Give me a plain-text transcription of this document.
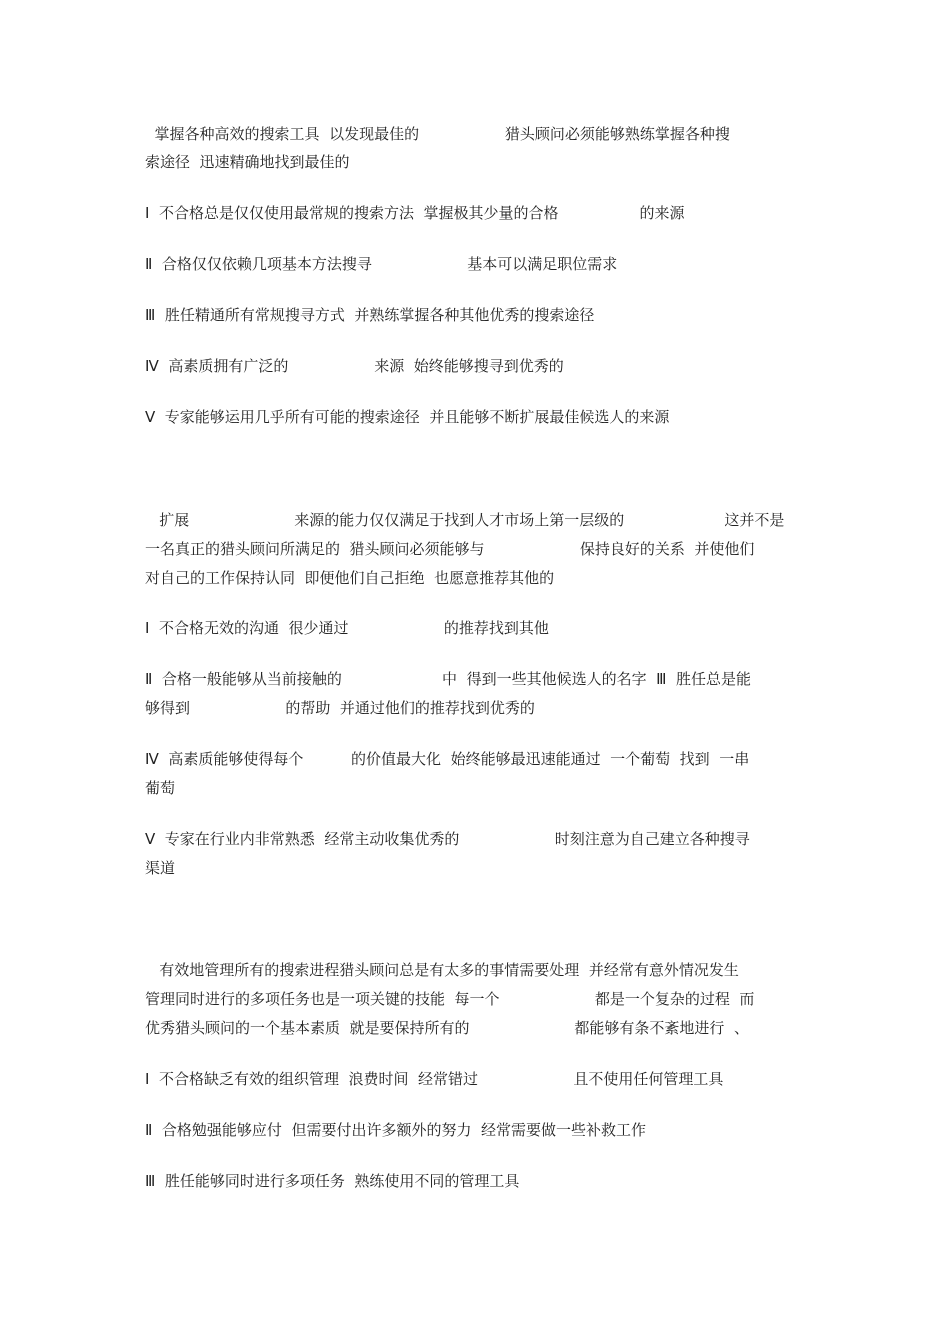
掌握各种高效的搜索工具  以发现最佳的                  猎头顾问必须能够熟练掌握各种搜
索途径  迅速精确地找到最佳的
Ⅰ  不合格总是仅仅使用最常规的搜索方法  掌握极其少量的合格                 的来源
Ⅱ  合格仅仅依赖几项基本方法搜寻                    基本可以满足职位需求
Ⅲ  胜任精通所有常规搜寻方式  并熟练掌握各种其他优秀的搜索途径
Ⅳ  高素质拥有广泛的                  来源  始终能够搜寻到优秀的
Ⅴ  专家能够运用几乎所有可能的搜索途径  并且能够不断扩展最佳候选人的来源
扩展                      来源的能力仅仅满足于找到人才市场上第一层级的                     这并不是
一名真正的猎头顾问所满足的  猎头顾问必须能够与                    保持良好的关系  并使他们
对自己的工作保持认同  即便他们自己拒绝  也愿意推荐其他的
Ⅰ  不合格无效的沟通  很少通过                    的推荐找到其他
Ⅱ  合格一般能够从当前接触的                     中  得到一些其他候选人的名字  Ⅲ  胜任总是能
够得到                    的帮助  并通过他们的推荐找到优秀的
Ⅳ  高素质能够使得每个          的价值最大化  始终能够最迅速能通过  一个葡萄  找到  一串
葡萄
Ⅴ  专家在行业内非常熟悉  经常主动收集优秀的                    时刻注意为自己建立各种搜寻
渠道
有效地管理所有的搜索进程猎头顾问总是有太多的事情需要处理  并经常有意外情况发生
管理同时进行的多项任务也是一项关键的技能  每一个                    都是一个复杂的过程  而
优秀猎头顾问的一个基本素质  就是要保持所有的                      都能够有条不紊地进行  、
Ⅰ  不合格缺乏有效的组织管理  浪费时间  经常错过                    且不使用任何管理工具
Ⅱ  合格勉强能够应付  但需要付出许多额外的努力  经常需要做一些补救工作
Ⅲ  胜任能够同时进行多项任务  熟练使用不同的管理工具
